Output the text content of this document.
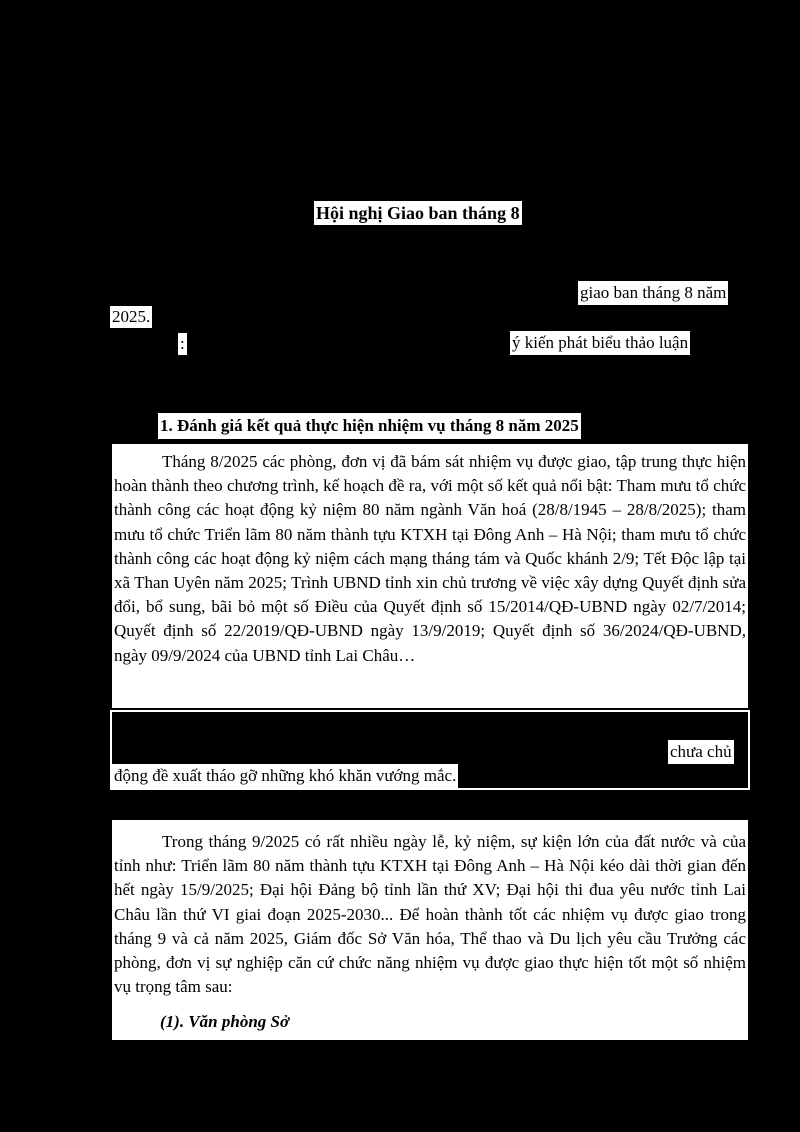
Hội nghị Giao ban tháng 8
giao ban tháng 8 năm
2025.
:	ý kiến phát biểu thảo luận
1. Đánh giá kết quả thực hiện nhiệm vụ tháng 8 năm 2025

Tháng 8/2025 các phòng, đơn vị đã bám sát nhiệm vụ được giao, tập trung thực hiện hoàn thành theo chương trình, kế hoạch đề ra, với một số kết quả nổi bật: Tham mưu tổ chức thành công các hoạt động kỷ niệm 80 năm ngành Văn hoá (28/8/1945 – 28/8/2025); tham mưu tổ chức Triển lãm 80 năm thành tựu KTXH tại Đông Anh – Hà Nội; tham mưu tổ chức thành công các hoạt động kỷ niệm cách mạng tháng tám và Quốc khánh 2/9; Tết Độc lập tại xã Than Uyên năm 2025; Trình UBND tỉnh xin chủ trương về việc xây dựng Quyết định sửa đổi, bổ sung, bãi bỏ một số Điều của Quyết định số 15/2014/QĐ-UBND ngày 02/7/2014; Quyết định số 22/2019/QĐ-UBND ngày 13/9/2019; Quyết định số 36/2024/QĐ-UBND, ngày 09/9/2024 của UBND tỉnh Lai Châu…

chưa chủ
động đề xuất tháo gỡ những khó khăn vướng mắc.

Trong tháng 9/2025 có rất nhiều ngày lễ, kỷ niệm, sự kiện lớn của đất nước và của tỉnh như: Triển lãm 80 năm thành tựu KTXH tại Đông Anh – Hà Nội kéo dài thời gian đến hết ngày 15/9/2025; Đại hội Đảng bộ tỉnh lần thứ XV; Đại hội thi đua yêu nước tỉnh Lai Châu lần thứ VI giai đoạn 2025-2030... Để hoàn thành tốt các nhiệm vụ được giao trong tháng 9 và cả năm 2025, Giám đốc Sở Văn hóa, Thể thao và Du lịch yêu cầu Trưởng các phòng, đơn vị sự nghiệp căn cứ chức năng nhiệm vụ được giao thực hiện tốt một số nhiệm vụ trọng tâm sau:

(1). Văn phòng Sở
